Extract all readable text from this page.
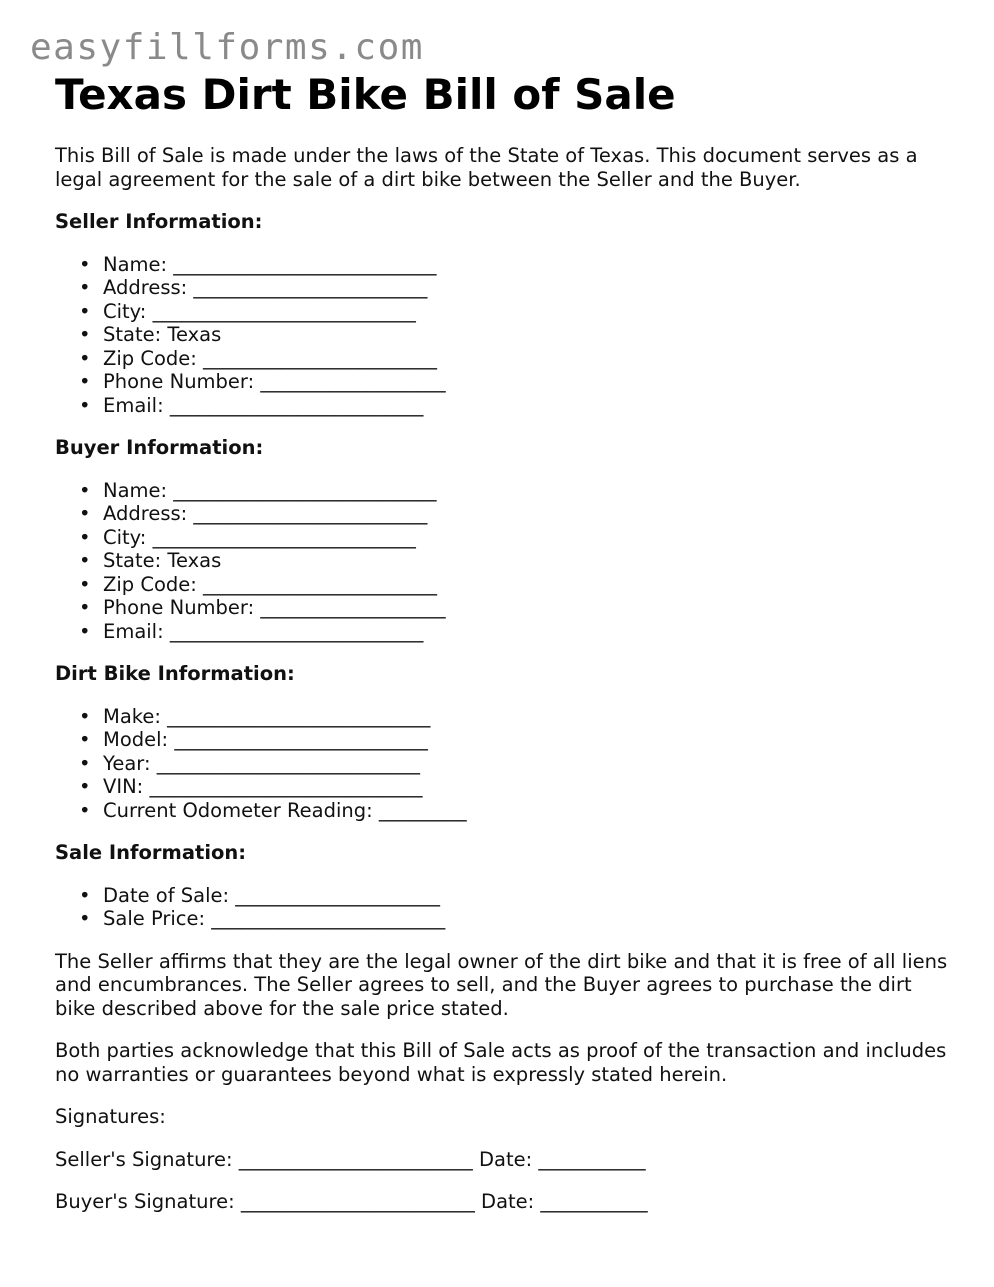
easyfillforms.com
Texas Dirt Bike Bill of Sale

This Bill of Sale is made under the laws of the State of Texas. This document serves as a legal agreement for the sale of a dirt bike between the Seller and the Buyer.

Seller Information:
• Name: ___________________________
• Address: ________________________
• City: ___________________________
• State: Texas
• Zip Code: ________________________
• Phone Number: ___________________
• Email: __________________________
Buyer Information:
• Name: ___________________________
• Address: ________________________
• City: ___________________________
• State: Texas
• Zip Code: ________________________
• Phone Number: ___________________
• Email: __________________________
Dirt Bike Information:
• Make: ___________________________
• Model: __________________________
• Year: ___________________________
• VIN: ____________________________
• Current Odometer Reading: _________
Sale Information:
• Date of Sale: _____________________
• Sale Price: ________________________

The Seller affirms that they are the legal owner of the dirt bike and that it is free of all liens and encumbrances. The Seller agrees to sell, and the Buyer agrees to purchase the dirt bike described above for the sale price stated.

Both parties acknowledge that this Bill of Sale acts as proof of the transaction and includes no warranties or guarantees beyond what is expressly stated herein.

Signatures:

Seller's Signature: ________________________ Date: ___________

Buyer's Signature: ________________________ Date: ___________
